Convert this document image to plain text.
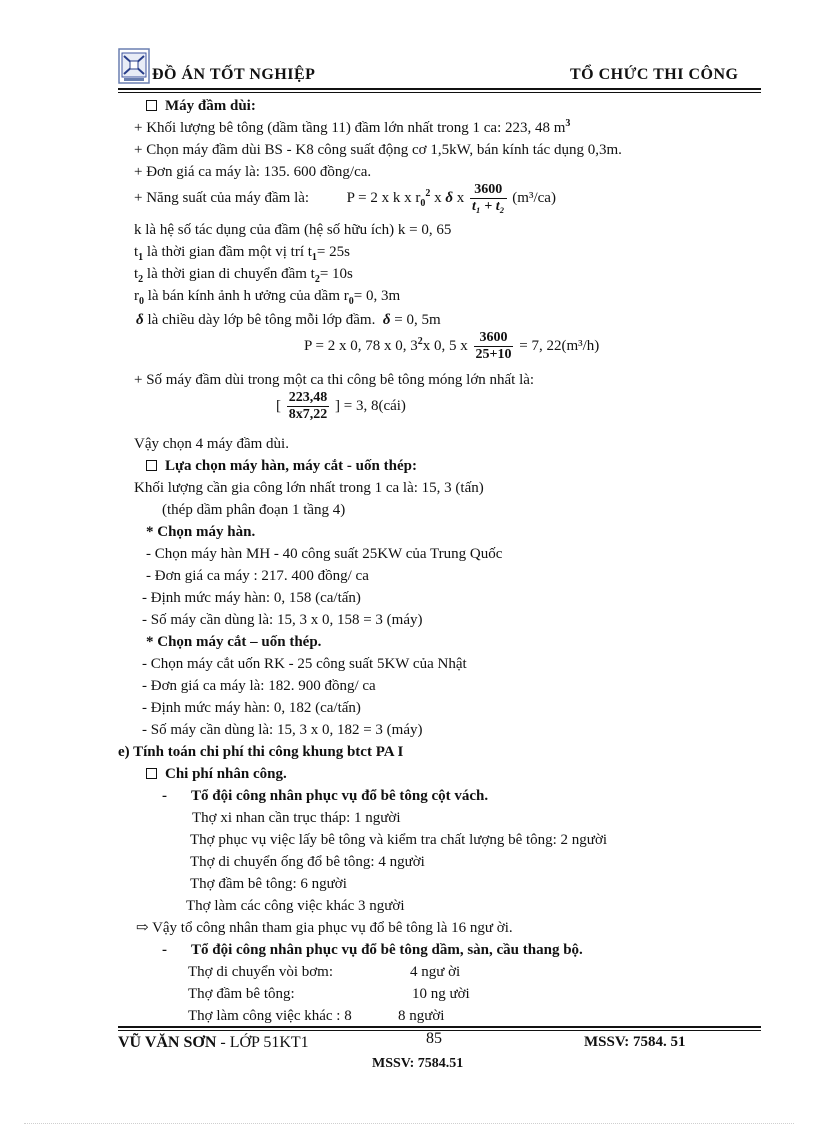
ĐỒ ÁN TỐT NGHIỆP	TỔ CHỨC THI CÔNG
Máy đầm dùi:
+ Khối lượng bê tông (dầm tầng 11) đầm lớn nhất trong 1 ca: 223, 48 $m^3$
+ Chọn máy đầm dùi BS - K8 công suất động cơ 1,5kW, bán kính tác dụng 0,3m.
+ Đơn giá ca máy là: 135. 600 đồng/ca.
+ Năng suất của máy đầm là:	P = 2 x k x $r_0^2$ x δ x $\frac{3600}{\text{t₁ + t₂}} (m^3/ca)$
k là hệ số tác dụng của đầm (hệ số hữu ích) k = 0, 65
$t_1$ là thời gian đầm một vị trí $t_1= 25s$
$t_2$ là thời gian di chuyển đầm $t_2= 10s$
$r_0$ là bán kính ảnh h ưởng của dầm $r_0= 0$, 3m
δ là chiều dày lớp bê tông mỗi lớp đầm. δ = 0, 5m
P = 2 x 0, 78 x 0, $3^2x$ 0, 5 x $\frac{3600}{25+10} = 7$, 22(m³/h)
+ Số máy đầm dùi trong một ca thi công bê tông móng lớn nhất là:
[ $\frac{223,48}{8x7,22}$ ] = 3, 8(cái)
Vậy chọn 4 máy đầm dùi.
Lựa chọn máy hàn, máy cắt - uốn thép:
Khối lượng cần gia công lớn nhất trong 1 ca là: 15, 3 (tấn)
(thép dầm phân đoạn 1 tầng 4)
* Chọn máy hàn.
- Chọn máy hàn MH - 40 công suất 25KW của Trung Quốc
- Đơn giá ca máy : 217. 400 đồng/ ca
- Định mức máy hàn: 0, 158 (ca/tấn)
- Số máy cần dùng là: 15, 3 x 0, 158 = 3 (máy)
* Chọn máy cắt – uốn thép.
- Chọn máy cắt uốn RK - 25 công suất 5KW của Nhật
- Đơn giá ca máy là: 182. 900 đồng/ ca
- Định mức máy hàn: 0, 182 (ca/tấn)
- Số máy cần dùng là: 15, 3 x 0, 182 = 3 (máy)
e) Tính toán chi phí thi công khung btct PA I
Chi phí nhân công.
- Tổ đội công nhân phục vụ đổ bê tông cột vách.
Thợ xi nhan cần trục tháp: 1 người
Thợ phục vụ việc lấy bê tông và kiểm tra chất lượng bê tông: 2 người
Thợ di chuyển ống đổ bê tông: 4 người
Thợ đầm bê tông: 6 người
Thợ làm các công việc khác 3 người
⇨ Vậy tổ công nhân tham gia phục vụ đổ bê tông là 16 ngư ời.
- Tổ đội công nhân phục vụ đổ bê tông dầm, sàn, cầu thang bộ.
Thợ di chuyển vòi bơm:	4 ngư ời
Thợ đầm bê tông:	10 ng ười
Thợ làm công việc khác : 8	8 người
VŨ VĂN SƠN - LỚP 51KT1	85	MSSV: 7584. 51
MSSV: 7584.51
